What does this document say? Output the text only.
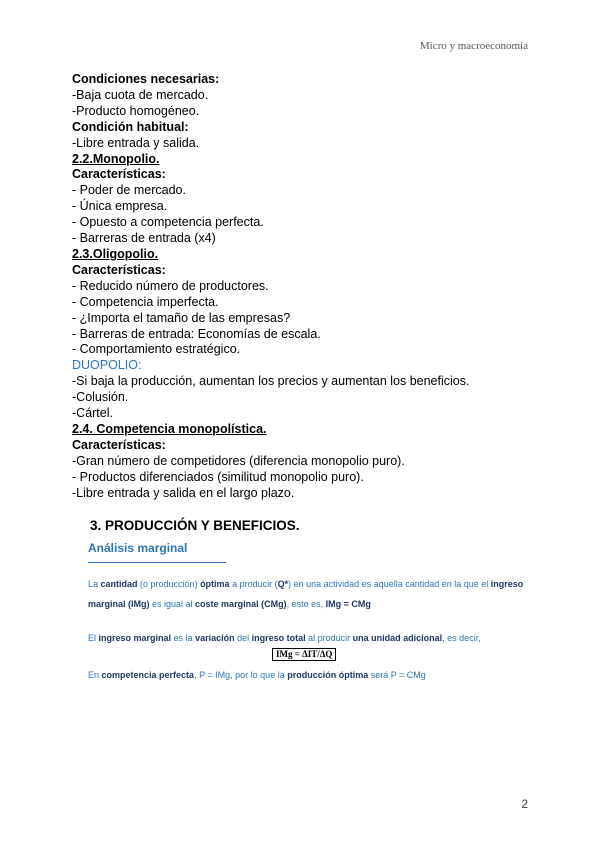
Micro y macroeconomía
Condiciones necesarias:
-Baja cuota de mercado.
-Producto homogéneo.
Condición habitual:
-Libre entrada y salida.
2.2.Monopolio.
Características:
- Poder de mercado.
- Única empresa.
- Opuesto a competencia perfecta.
- Barreras de entrada (x4)
2.3.Oligopolio.
Características:
- Reducido número de productores.
- Competencia imperfecta.
- ¿Importa el tamaño de las empresas?
- Barreras de entrada: Economías de escala.
- Comportamiento estratégico.
DUOPOLIO:
-Si baja la producción, aumentan los precios y aumentan los beneficios.
-Colusión.
-Cártel.
2.4. Competencia monopolística.
Características:
-Gran número de competidores (diferencia monopolio puro).
- Productos diferenciados (similitud monopolio puro).
-Libre entrada y salida en el largo plazo.
3. PRODUCCIÓN Y BENEFICIOS.
Análisis marginal
La cantidad (o producción) óptima a producir (Q*) en una actividad es aquella cantidad en la que el ingreso marginal (IMg) es igual al coste marginal (CMg), esto es, IMg = CMg
El ingreso marginal es la variación del ingreso total al producir una unidad adicional, es decir,
IMg = ΔIT/ΔQ
En competencia perfecta, P = IMg, por lo que la producción óptima será P = CMg
2
